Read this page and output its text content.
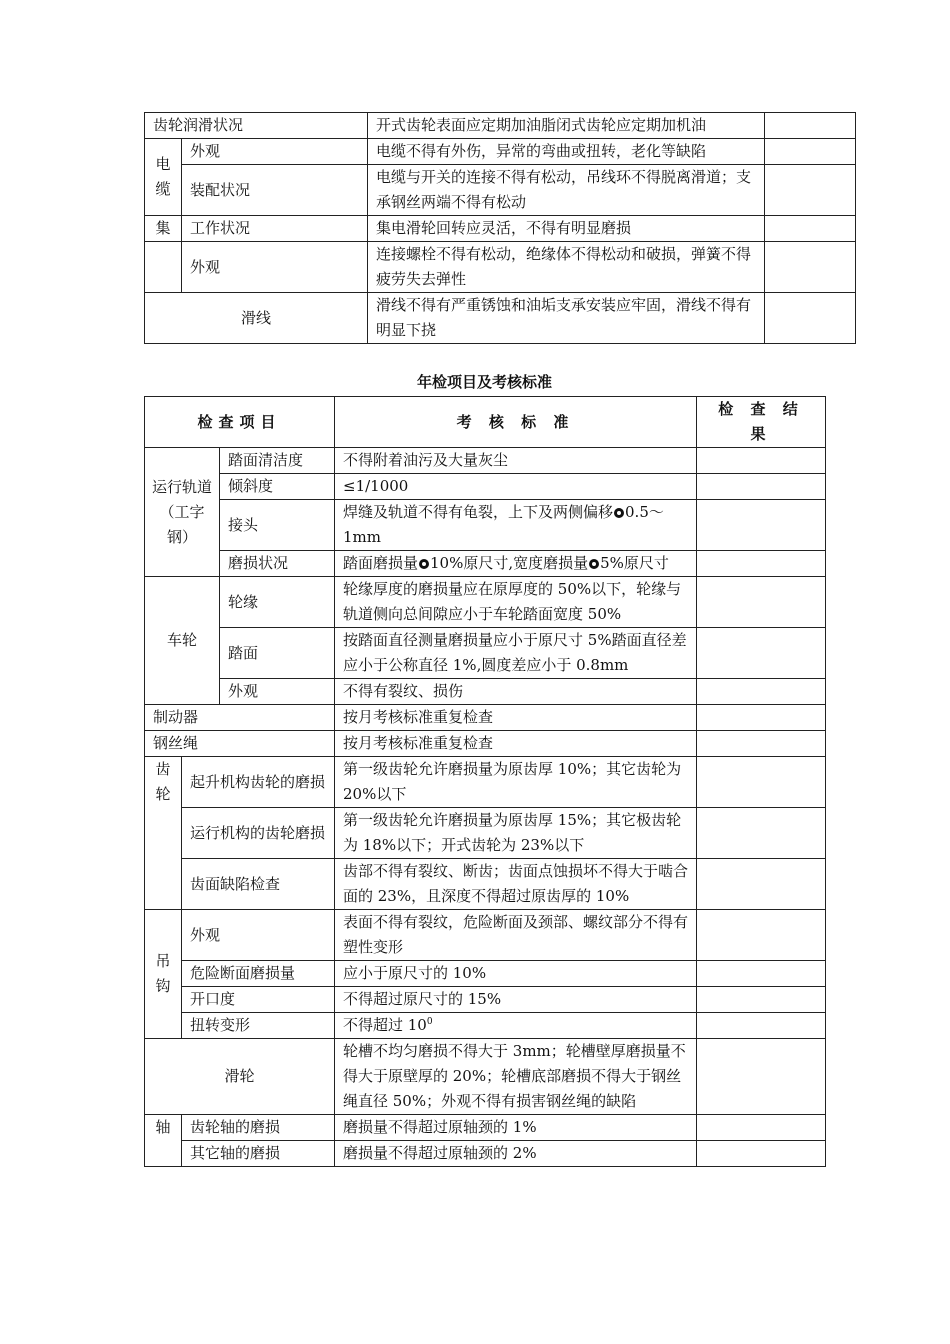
齿轮润滑状况		开式齿轮表面应定期加油脂闭式齿轮应定期加机油	
电缆	外观	电缆不得有外伤，异常的弯曲或扭转，老化等缺陷	
	装配状况	电缆与开关的连接不得有松动，吊线环不得脱离滑道；支承钢丝两端不得有松动	
集	工作状况	集电滑轮回转应灵活，不得有明显磨损	
	外观	连接螺栓不得有松动，绝缘体不得松动和破损，弹簧不得疲劳失去弹性	
滑线		滑线不得有严重锈蚀和油垢支承安装应牢固，滑线不得有明显下挠	
年检项目及考核标准
检查项目			考 核 标 准	检 查 结 果
运行轨道（工字钢）		踏面清洁度	不得附着油污及大量灰尘	
		倾斜度	≤1/1000	
		接头	焊缝及轨道不得有龟裂，上下及两侧偏移 0.5～1mm	
		磨损状况	踏面磨损量 10%原尺寸,宽度磨损量 5%原尺寸	
车轮		轮缘	轮缘厚度的磨损量应在原厚度的 50%以下，轮缘与轨道侧向总间隙应小于车轮踏面宽度 50%	
		踏面	按踏面直径测量磨损量应小于原尺寸 5%踏面直径差应小于公称直径 1%,圆度差应小于 0.8mm	
		外观	不得有裂纹、损伤	
制动器			按月考核标准重复检查	
钢丝绳			按月考核标准重复检查	
齿轮	起升机构齿轮的磨损		第一级齿轮允许磨损量为原齿厚 10%；其它齿轮为 20%以下	
	运行机构的齿轮磨损		第一级齿轮允许磨损量为原齿厚 15%；其它极齿轮为 18%以下；开式齿轮为 23%以下	
	齿面缺陷检查		齿部不得有裂纹、断齿；齿面点蚀损坏不得大于啮合面的 23%，且深度不得超过原齿厚的 10%	
吊钩	外观		表面不得有裂纹，危险断面及颈部、螺纹部分不得有塑性变形	
	危险断面磨损量		应小于原尺寸的 10%	
	开口度		不得超过原尺寸的 15%	
	扭转变形		不得超过 $10^0$	
滑轮			轮槽不均匀磨损不得大于 3mm；轮槽壁厚磨损量不得大于原壁厚的 20%；轮槽底部磨损不得大于钢丝绳直径 50%；外观不得有损害钢丝绳的缺陷	
轴	齿轮轴的磨损		磨损量不得超过原轴颈的 1%	
	其它轴的磨损		磨损量不得超过原轴颈的 2%	
